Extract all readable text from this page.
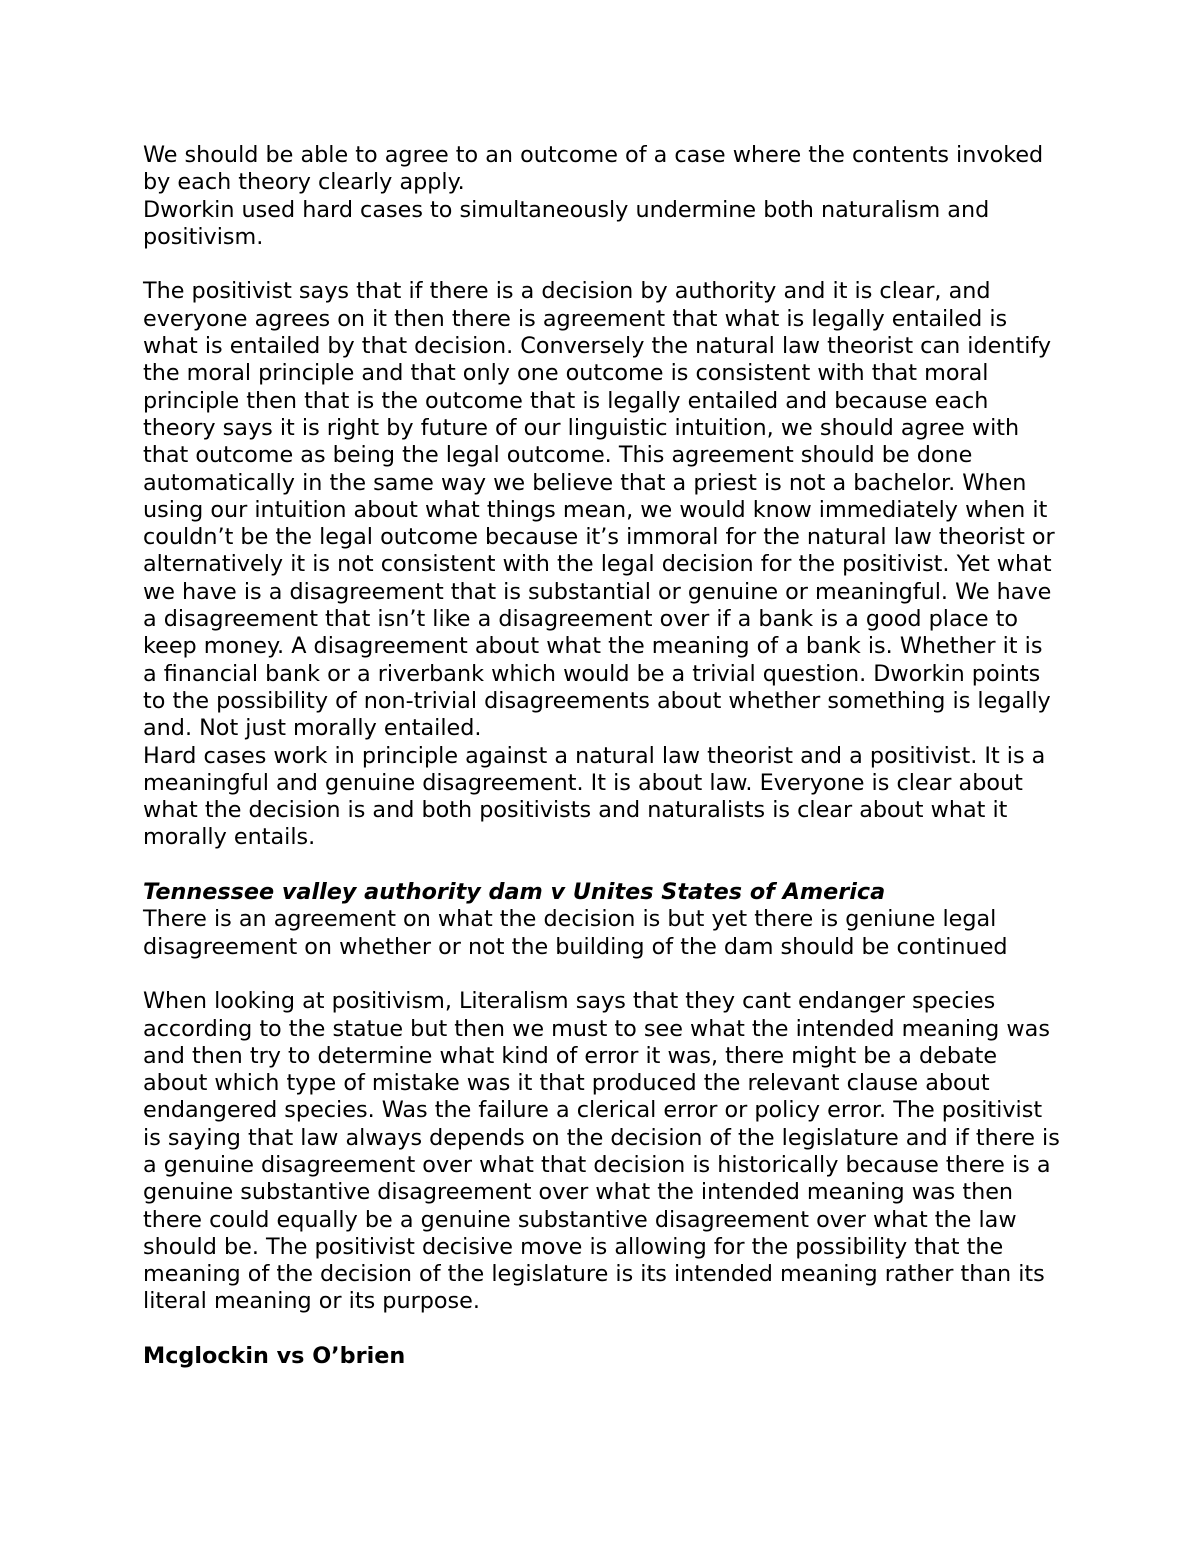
We should be able to agree to an outcome of a case where the contents invoked by each theory clearly apply.

Dworkin used hard cases to simultaneously undermine both naturalism and positivism.

The positivist says that if there is a decision by authority and it is clear, and everyone agrees on it then there is agreement that what is legally entailed is what is entailed by that decision. Conversely the natural law theorist can identify the moral principle and that only one outcome is consistent with that moral principle then that is the outcome that is legally entailed and because each theory says it is right by future of our linguistic intuition, we should agree with that outcome as being the legal outcome. This agreement should be done automatically in the same way we believe that a priest is not a bachelor. When using our intuition about what things mean, we would know immediately when it couldn’t be the legal outcome because it’s immoral for the natural law theorist or alternatively it is not consistent with the legal decision for the positivist. Yet what we have is a disagreement that is substantial or genuine or meaningful. We have a disagreement that isn’t like a disagreement over if a bank is a good place to keep money. A disagreement about what the meaning of a bank is. Whether it is a financial bank or a riverbank which would be a trivial question. Dworkin points to the possibility of non-trivial disagreements about whether something is legally and. Not just morally entailed.

Hard cases work in principle against a natural law theorist and a positivist. It is a meaningful and genuine disagreement. It is about law. Everyone is clear about what the decision is and both positivists and naturalists is clear about what it morally entails.

Tennessee valley authority dam v Unites States of America

There is an agreement on what the decision is but yet there is geniune legal disagreement on whether or not the building of the dam should be continued

When looking at positivism, Literalism says that they cant endanger species according to the statue but then we must to see what the intended meaning was and then try to determine what kind of error it was, there might be a debate about which type of mistake was it that produced the relevant clause about endangered species. Was the failure a clerical error or policy error. The positivist is saying that law always depends on the decision of the legislature and if there is a genuine disagreement over what that decision is historically because there is a genuine substantive disagreement over what the intended meaning was then there could equally be a genuine substantive disagreement over what the law should be. The positivist decisive move is allowing for the possibility that the meaning of the decision of the legislature is its intended meaning rather than its literal meaning or its purpose.

Mcglockin vs O’brien
